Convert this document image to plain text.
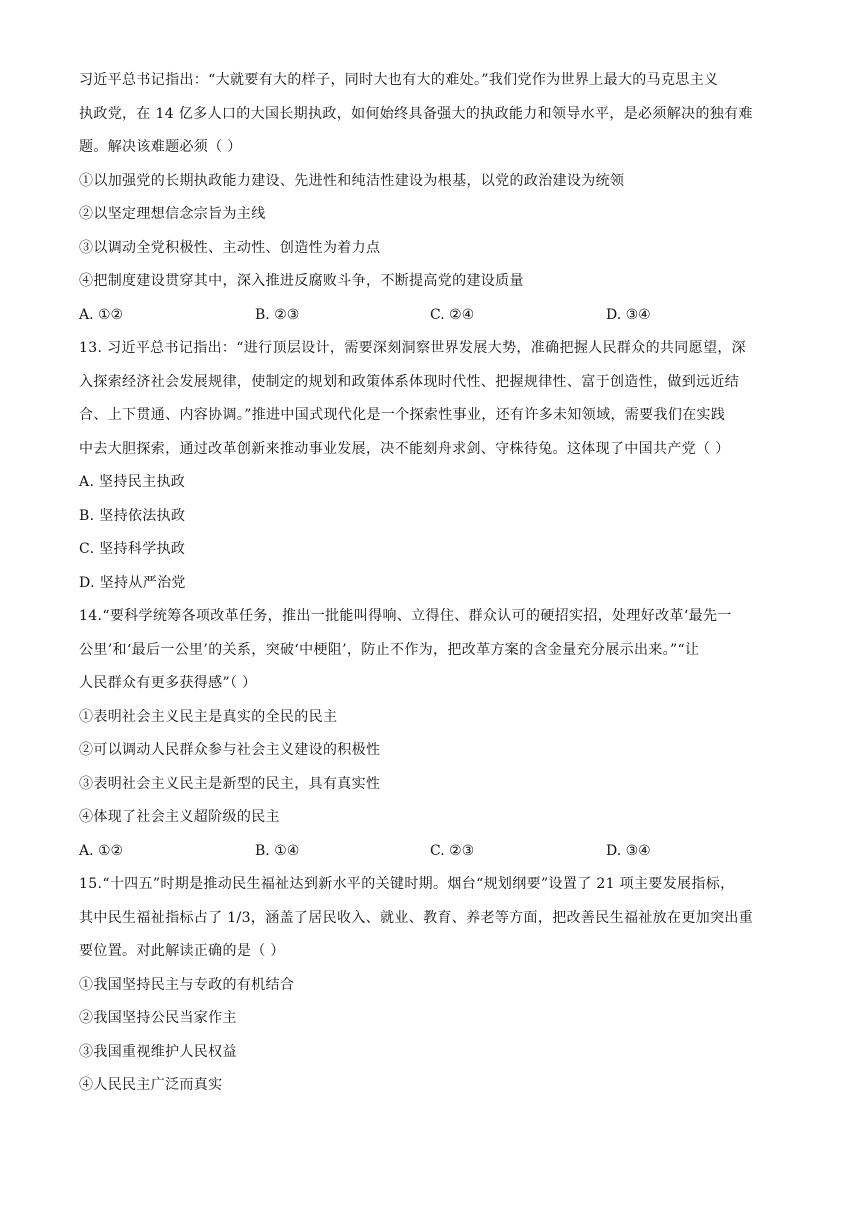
习近平总书记指出：“大就要有大的样子，同时大也有大的难处。”我们党作为世界上最大的马克思主义
执政党，在 14 亿多人口的大国长期执政，如何始终具备强大的执政能力和领导水平，是必须解决的独有难
题。解决该难题必须（ ）
①以加强党的长期执政能力建设、先进性和纯洁性建设为根基，以党的政治建设为统领
②以坚定理想信念宗旨为主线
③以调动全党积极性、主动性、创造性为着力点
④把制度建设贯穿其中，深入推进反腐败斗争，不断提高党的建设质量
A. ①②	B. ②③	C. ②④	D. ③④
13. 习近平总书记指出：“进行顶层设计，需要深刻洞察世界发展大势，准确把握人民群众的共同愿望，深
入探索经济社会发展规律，使制定的规划和政策体系体现时代性、把握规律性、富于创造性，做到远近结
合、上下贯通、内容协调。”推进中国式现代化是一个探索性事业，还有许多未知领域，需要我们在实践
中去大胆探索，通过改革创新来推动事业发展，决不能刻舟求剑、守株待兔。这体现了中国共产党（ ）
A. 坚持民主执政
B. 坚持依法执政
C. 坚持科学执政
D. 坚持从严治党
14.“要科学统筹各项改革任务，推出一批能叫得响、立得住、群众认可的硬招实招，处理好改革‘最先一
公里’和‘最后一公里’的关系，突破‘中梗阻’，防止不作为，把改革方案的含金量充分展示出来。”“让
人民群众有更多获得感”（ ）
①表明社会主义民主是真实的全民的民主
②可以调动人民群众参与社会主义建设的积极性
③表明社会主义民主是新型的民主，具有真实性
④体现了社会主义超阶级的民主
A. ①②	B. ①④	C. ②③	D. ③④
15.“十四五”时期是推动民生福祉达到新水平的关键时期。烟台“规划纲要”设置了 21 项主要发展指标，
其中民生福祉指标占了 1/3，涵盖了居民收入、就业、教育、养老等方面，把改善民生福祉放在更加突出重
要位置。对此解读正确的是（ ）
①我国坚持民主与专政的有机结合
②我国坚持公民当家作主
③我国重视维护人民权益
④人民民主广泛而真实
